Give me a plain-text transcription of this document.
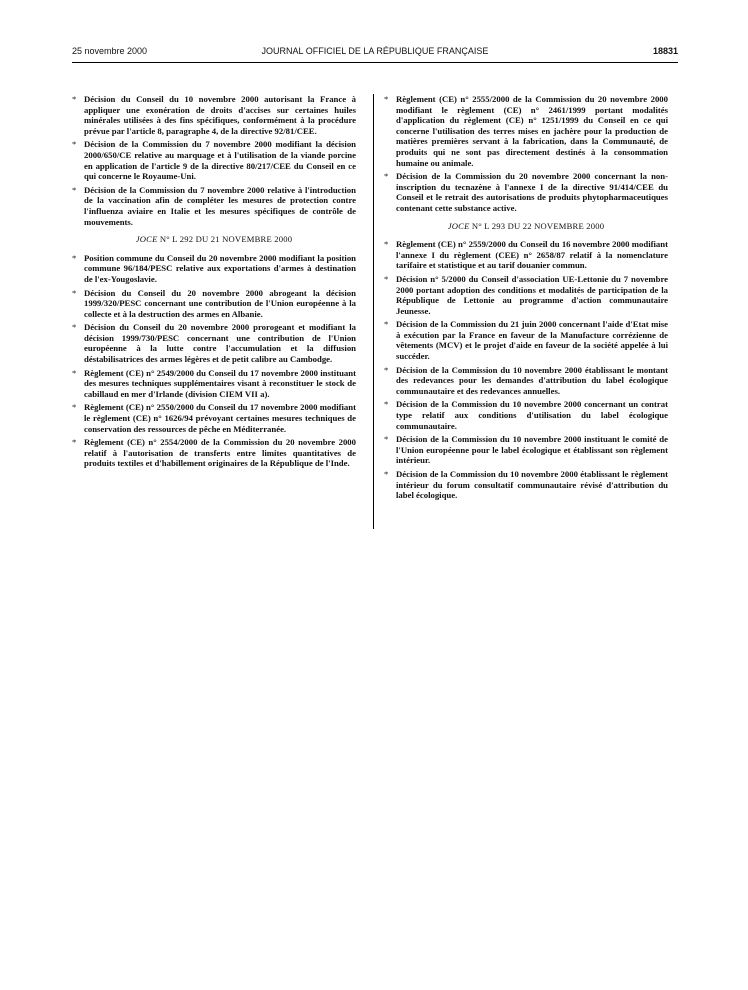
25 novembre 2000	JOURNAL OFFICIEL DE LA RÉPUBLIQUE FRANÇAISE	18831
* Décision du Conseil du 10 novembre 2000 autorisant la France à appliquer une exonération de droits d'accises sur certaines huiles minérales utilisées à des fins spécifiques, conformément à la procédure prévue par l'article 8, paragraphe 4, de la directive 92/81/CEE.
* Décision de la Commission du 7 novembre 2000 modifiant la décision 2000/650/CE relative au marquage et à l'utilisation de la viande porcine en application de l'article 9 de la directive 80/217/CEE du Conseil en ce qui concerne le Royaume-Uni.
* Décision de la Commission du 7 novembre 2000 relative à l'introduction de la vaccination afin de compléter les mesures de protection contre l'influenza aviaire en Italie et les mesures spécifiques de contrôle de mouvements.
JOCE N° L 292 DU 21 NOVEMBRE 2000
* Position commune du Conseil du 20 novembre 2000 modifiant la position commune 96/184/PESC relative aux exportations d'armes à destination de l'ex-Yougoslavie.
* Décision du Conseil du 20 novembre 2000 abrogeant la décision 1999/320/PESC concernant une contribution de l'Union européenne à la collecte et à la destruction des armes en Albanie.
* Décision du Conseil du 20 novembre 2000 prorogeant et modifiant la décision 1999/730/PESC concernant une contribution de l'Union européenne à la lutte contre l'accumulation et la diffusion déstabilisatrices des armes légères et de petit calibre au Cambodge.
* Règlement (CE) n° 2549/2000 du Conseil du 17 novembre 2000 instituant des mesures techniques supplémentaires visant à reconstituer le stock de cabillaud en mer d'Irlande (division CIEM VII a).
* Règlement (CE) n° 2550/2000 du Conseil du 17 novembre 2000 modifiant le règlement (CE) n° 1626/94 prévoyant certaines mesures techniques de conservation des ressources de pêche en Méditerranée.
* Règlement (CE) n° 2554/2000 de la Commission du 20 novembre 2000 relatif à l'autorisation de transferts entre limites quantitatives de produits textiles et d'habillement originaires de la République de l'Inde.
* Règlement (CE) n° 2555/2000 de la Commission du 20 novembre 2000 modifiant le règlement (CE) n° 2461/1999 portant modalités d'application du règlement (CE) n° 1251/1999 du Conseil en ce qui concerne l'utilisation des terres mises en jachère pour la production de matières premières servant à la fabrication, dans la Communauté, de produits qui ne sont pas directement destinés à la consommation humaine ou animale.
* Décision de la Commission du 20 novembre 2000 concernant la non-inscription du tecnazène à l'annexe I de la directive 91/414/CEE du Conseil et le retrait des autorisations de produits phytopharmaceutiques contenant cette substance active.
JOCE N° L 293 DU 22 NOVEMBRE 2000
* Règlement (CE) n° 2559/2000 du Conseil du 16 novembre 2000 modifiant l'annexe I du règlement (CEE) n° 2658/87 relatif à la nomenclature tarifaire et statistique et au tarif douanier commun.
* Décision n° 5/2000 du Conseil d'association UE-Lettonie du 7 novembre 2000 portant adoption des conditions et modalités de participation de la République de Lettonie au programme d'action communautaire Jeunesse.
* Décision de la Commission du 21 juin 2000 concernant l'aide d'Etat mise à exécution par la France en faveur de la Manufacture corrézienne de vêtements (MCV) et le projet d'aide en faveur de la société appelée à lui succéder.
* Décision de la Commission du 10 novembre 2000 établissant le montant des redevances pour les demandes d'attribution du label écologique communautaire et des redevances annuelles.
* Décision de la Commission du 10 novembre 2000 concernant un contrat type relatif aux conditions d'utilisation du label écologique communautaire.
* Décision de la Commission du 10 novembre 2000 instituant le comité de l'Union européenne pour le label écologique et établissant son règlement intérieur.
* Décision de la Commission du 10 novembre 2000 établissant le règlement intérieur du forum consultatif communautaire révisé d'attribution du label écologique.
